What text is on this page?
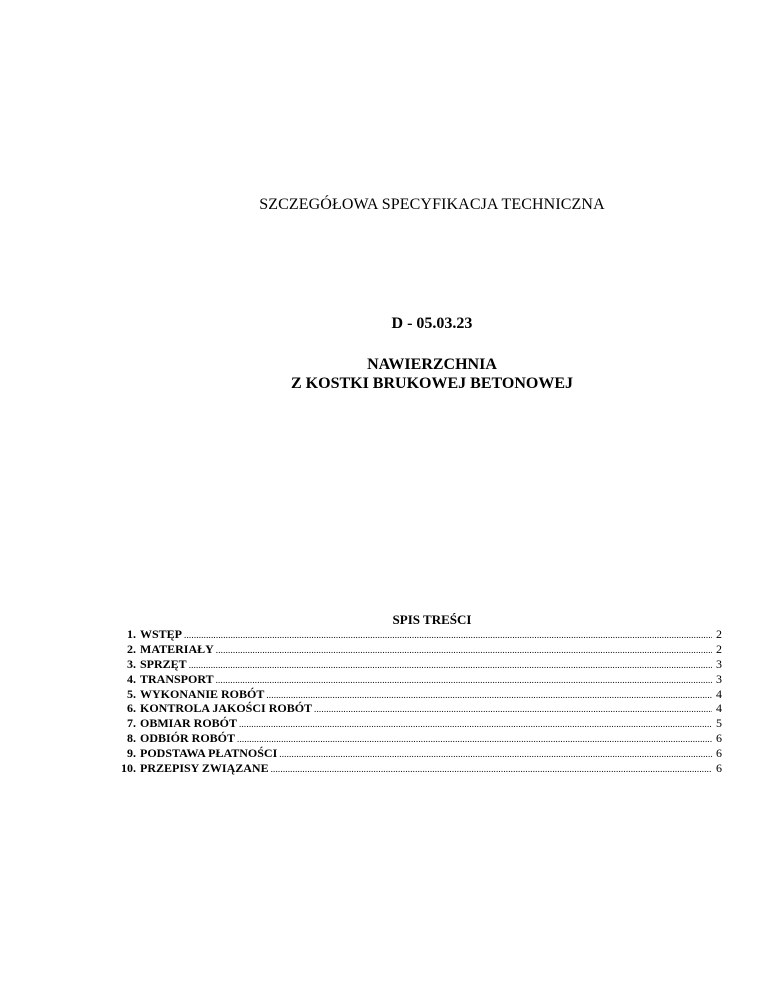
SZCZEGÓŁOWA SPECYFIKACJA TECHNICZNA
D - 05.03.23
NAWIERZCHNIA
Z KOSTKI BRUKOWEJ BETONOWEJ
SPIS TREŚCI
1. WSTĘP .....	2
2. MATERIAŁY .....	2
3. SPRZĘT .....	3
4. TRANSPORT .....	3
5. WYKONANIE ROBÓT .....	4
6. KONTROLA JAKOŚCI ROBÓT .....	4
7. OBMIAR ROBÓT .....	5
8. ODBIÓR ROBÓT .....	6
9. PODSTAWA PŁATNOŚCI .....	6
10. PRZEPISY ZWIĄZANE .....	6
